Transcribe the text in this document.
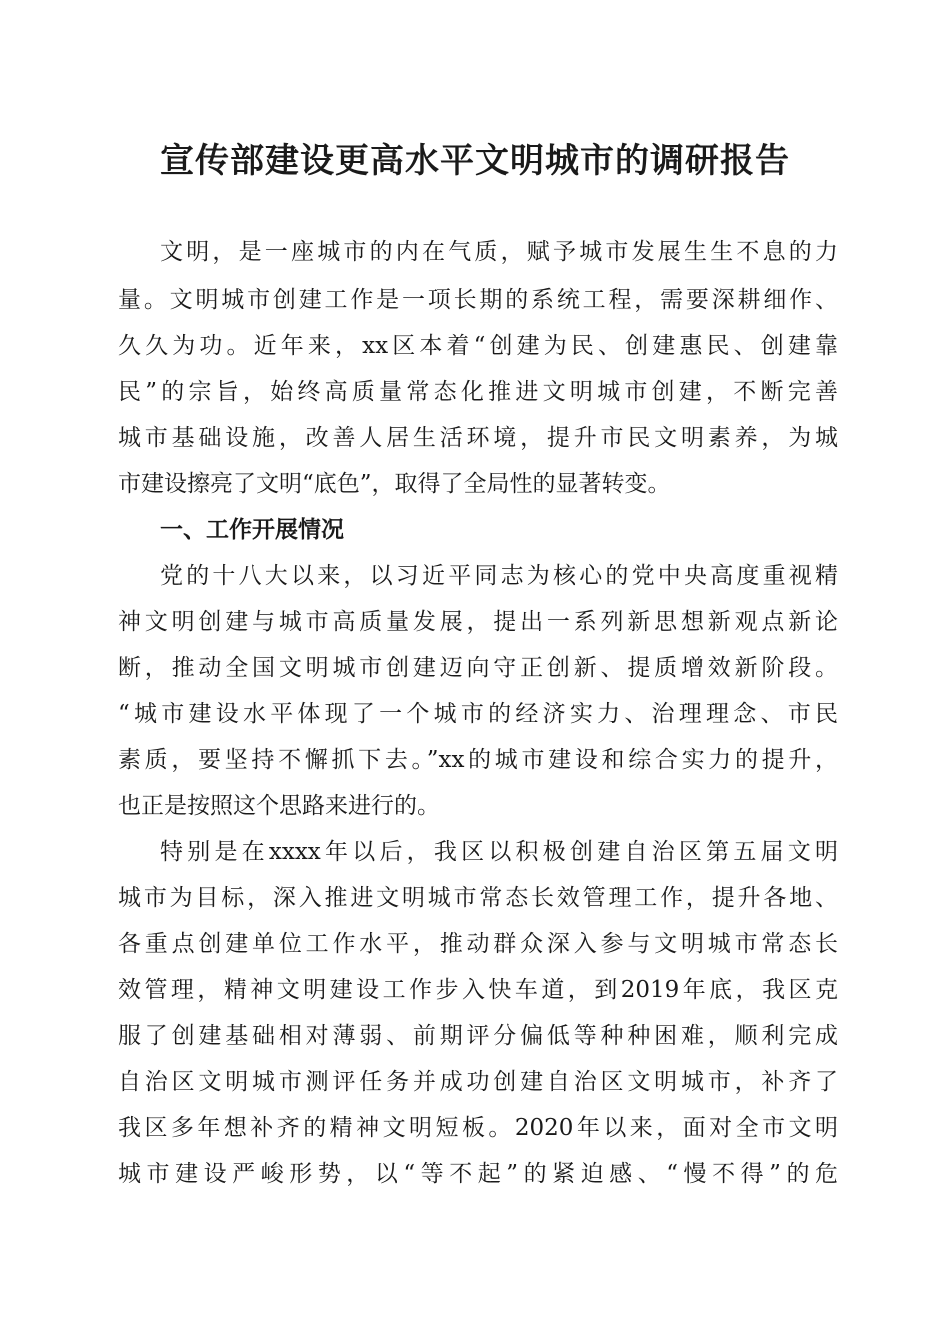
宣传部建设更高水平文明城市的调研报告
文明，是一座城市的内在气质，赋予城市发展生生不息的力
量。文明城市创建工作是一项长期的系统工程，需要深耕细作、
久久为功。近年来，xx区本着“创建为民、创建惠民、创建靠
民”的宗旨，始终高质量常态化推进文明城市创建，不断完善
城市基础设施，改善人居生活环境，提升市民文明素养，为城
市建设擦亮了文明“底色”，取得了全局性的显著转变。
一、工作开展情况
党的十八大以来，以习近平同志为核心的党中央高度重视精
神文明创建与城市高质量发展，提出一系列新思想新观点新论
断，推动全国文明城市创建迈向守正创新、提质增效新阶段。
“城市建设水平体现了一个城市的经济实力、治理理念、市民
素质，要坚持不懈抓下去。”xx的城市建设和综合实力的提升，
也正是按照这个思路来进行的。
特别是在xxxx年以后，我区以积极创建自治区第五届文明
城市为目标，深入推进文明城市常态长效管理工作，提升各地、
各重点创建单位工作水平，推动群众深入参与文明城市常态长
效管理，精神文明建设工作步入快车道，到2019年底，我区克
服了创建基础相对薄弱、前期评分偏低等种种困难，顺利完成
自治区文明城市测评任务并成功创建自治区文明城市，补齐了
我区多年想补齐的精神文明短板。2020年以来，面对全市文明
城市建设严峻形势，以“等不起”的紧迫感、“慢不得”的危
